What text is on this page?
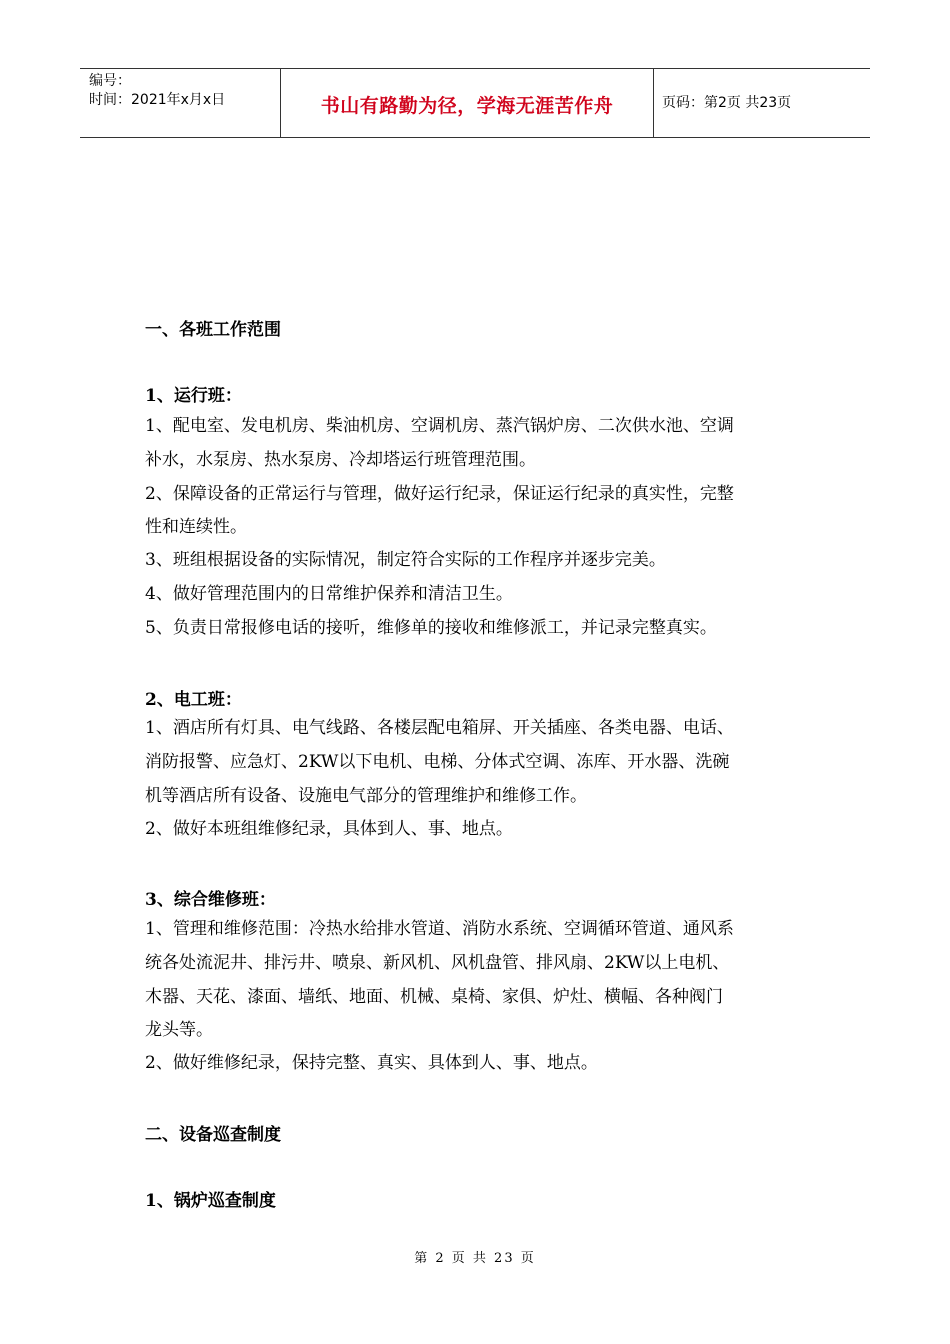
编号：
时间：2021年x月x日	书山有路勤为径，学海无涯苦作舟	页码：第2页 共23页
一、各班工作范围
1、运行班：
1、配电室、发电机房、柴油机房、空调机房、蒸汽锅炉房、二次供水池、空调
补水，水泵房、热水泵房、冷却塔运行班管理范围。
2、保障设备的正常运行与管理，做好运行纪录，保证运行纪录的真实性，完整
性和连续性。
3、班组根据设备的实际情况，制定符合实际的工作程序并逐步完美。
4、做好管理范围内的日常维护保养和清洁卫生。
5、负责日常报修电话的接听，维修单的接收和维修派工，并记录完整真实。
2、电工班：
1、酒店所有灯具、电气线路、各楼层配电箱屏、开关插座、各类电器、电话、
消防报警、应急灯、2KW以下电机、电梯、分体式空调、冻库、开水器、洗碗
机等酒店所有设备、设施电气部分的管理维护和维修工作。
2、做好本班组维修纪录，具体到人、事、地点。
3、综合维修班：
1、管理和维修范围：冷热水给排水管道、消防水系统、空调循环管道、通风系
统各处流泥井、排污井、喷泉、新风机、风机盘管、排风扇、2KW以上电机、
木器、天花、漆面、墙纸、地面、机械、桌椅、家俱、炉灶、横幅、各种阀门
龙头等。
2、做好维修纪录，保持完整、真实、具体到人、事、地点。
二、设备巡查制度
1、锅炉巡查制度
第 2 页 共 23 页
